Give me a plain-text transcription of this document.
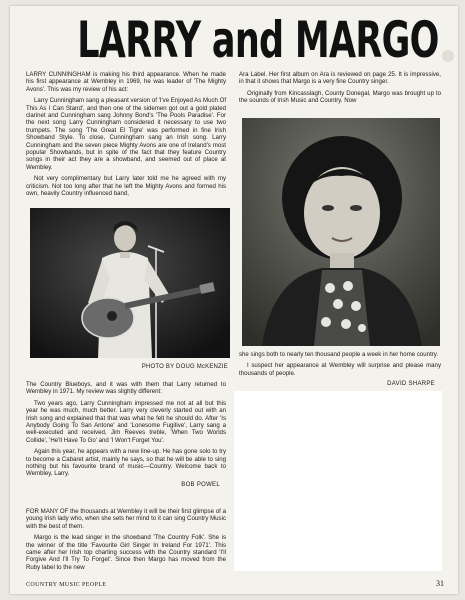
LARRY and MARGO

LARRY CUNNINGHAM is making his third appearance. When he made his first appearance at Wembley in 1969, he was leader of 'The Mighty Avons'. This was my review of his act:

Larry Cunningham sang a pleasant version of 'I've Enjoyed As Much Of This As I Can Stand', and then one of the sidemen got out a gold plated clarinet and Cunningham sang Johnny Bond's 'The Pools Paradise'. For the next song Larry Cunningham considered it necessary to use two trumpets. The song 'The Great El Tigre' was performed in fine Irish Showband Style. To close, Cunningham sang an Irish song. Larry Cunningham and the seven piece Mighty Avons are one of Ireland's most popular Showbands, but in spite of the fact that they feature Country songs in their act they are a showband, and seemed out of place at Wembley.

Not very complimentary but Larry later told me he agreed with my criticism. Not too long after that he left the Mighty Avons and formed his own, heavily Country influenced band,

PHOTO BY DOUG McKENZIE

The Country Blueboys, and it was with them that Larry returned to Wembley in 1971. My review was slightly different:

Two years ago, Larry Cunningham impressed me not at all but this year he was much, much better. Larry very cleverly started out with an Irish song and explained that that was what he felt he should do. After 'Is Anybody Going To San Antone' and 'Lonesome Fugitive', Larry sang a well-executed and received, Jim Reeves treble, 'When Two Worlds Collide', 'He'll Have To Go' and 'I Won't Forget You'.

Again this year, he appears with a new line-up. He has gone solo to try to become a Cabaret artist, mainly he says, so that he will be able to sing nothing but his favourite brand of music—Country. Welcome back to Wembley, Larry.

BOB POWEL

FOR MANY OF the thousands at Wembley it will be their first glimpse of a young Irish lady who, when she sets her mind to it can sing Country Music with the best of them.

Margo is the lead singer in the showband 'The Country Folk'. She is the winner of the title 'Favourite Girl Singer In Ireland For 1971'. This came after her Irish top charting success with the Country standard 'I'll Forgive And I'll Try To Forget'. Since then Margo has moved from the Ruby label to the new

Ara Label. Her first album on Ara is reviewed on page 25. It is impressive, in that it shows that Margo is a very fine Country singer.

Originally from Kincasslagh, County Donegal, Margo was brought up to the sounds of Irish Music and Country. Now

she sings both to nearly ten thousand people a week in her home country.

I suspect her appearance at Wembley will surprise and please many thousands of people.

DAVID SHARPE
COUNTRY MUSIC PEOPLE	31
